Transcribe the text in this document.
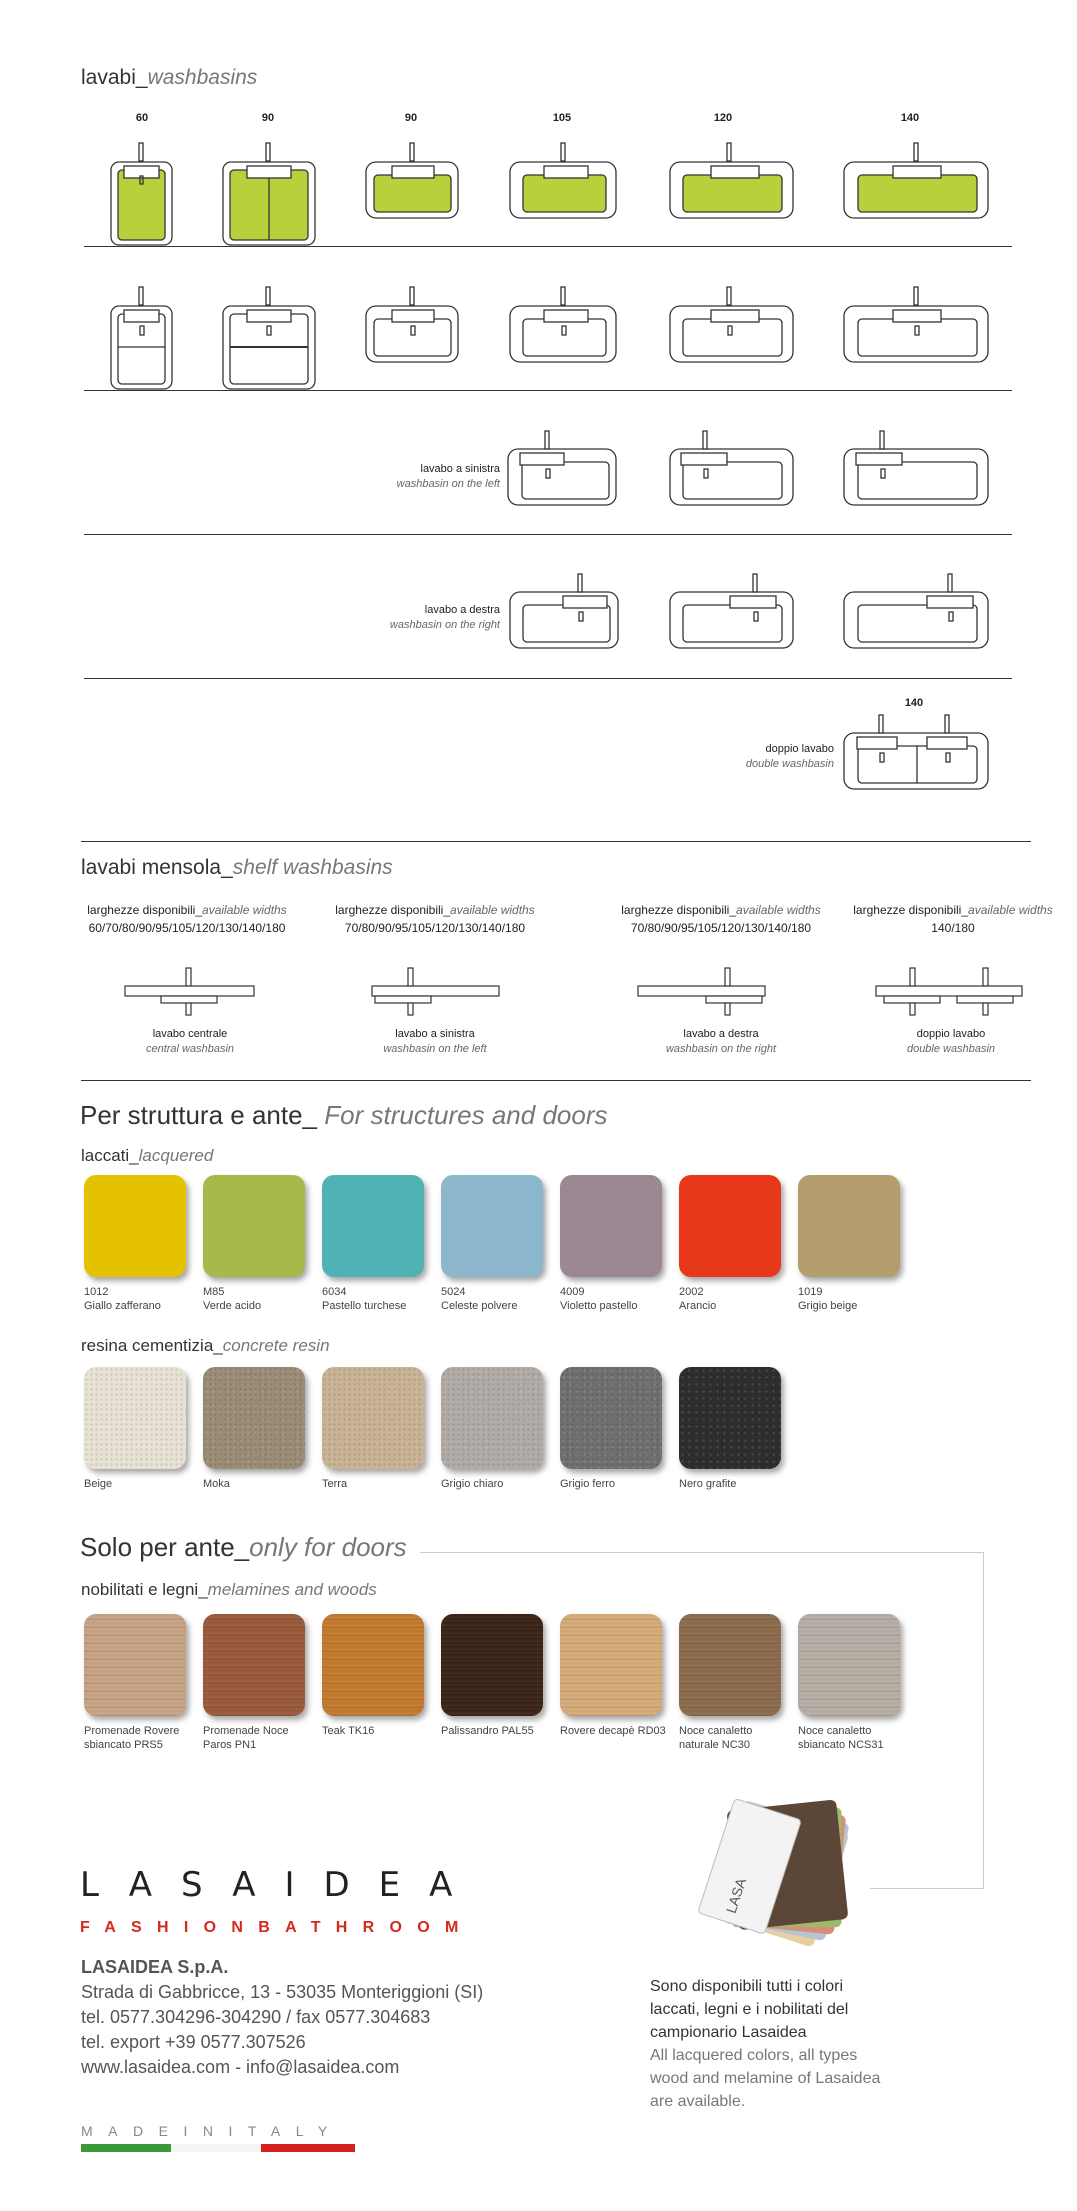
lavabi_washbasins
60	90	90	105	120	140
lavabo a sinistra
washbasin on the left
lavabo a destra
washbasin on the right
140
doppio lavabo
double washbasin
lavabi mensola_shelf washbasins
larghezze disponibili_available widths
60/70/80/90/95/105/120/130/140/180
larghezze disponibili_available widths
70/80/90/95/105/120/130/140/180
larghezze disponibili_available widths
70/80/90/95/105/120/130/140/180
larghezze disponibili_available widths
140/180
lavabo centrale
central washbasin
lavabo a sinistra
washbasin on the left
lavabo a destra
washbasin on the right
doppio lavabo
double washbasin
Per struttura e ante_ For structures and doors
laccati_lacquered
1012
Giallo zafferano
M85
Verde acido
6034
Pastello turchese
5024
Celeste polvere
4009
Violetto pastello
2002
Arancio
1019
Grigio beige
resina cementizia_concrete resin
Beige	Moka	Terra	Grigio chiaro	Grigio ferro	Nero grafite
Solo per ante_only for doors
nobilitati e legni_melamines and woods
Promenade Rovere
sbiancato PRS5
Promenade Noce
Paros PN1
Teak TK16	Palissandro PAL55	Rovere decapè RD03	Noce canaletto
naturale NC30
Noce canaletto
sbiancato NCS31
LASA
LASAIDEA
FASHIONBATHROOM
LASAIDEA S.p.A.
Strada di Gabbricce, 13 - 53035 Monteriggioni (SI)
tel. 0577.304296-304290 / fax 0577.304683
tel. export +39 0577.307526
www.lasaidea.com - info@lasaidea.com
MADEINITALY
Sono disponibili tutti i colori
laccati, legni e i nobilitati del
campionario Lasaidea
All lacquered colors, all types
wood and melamine of Lasaidea
are available.
